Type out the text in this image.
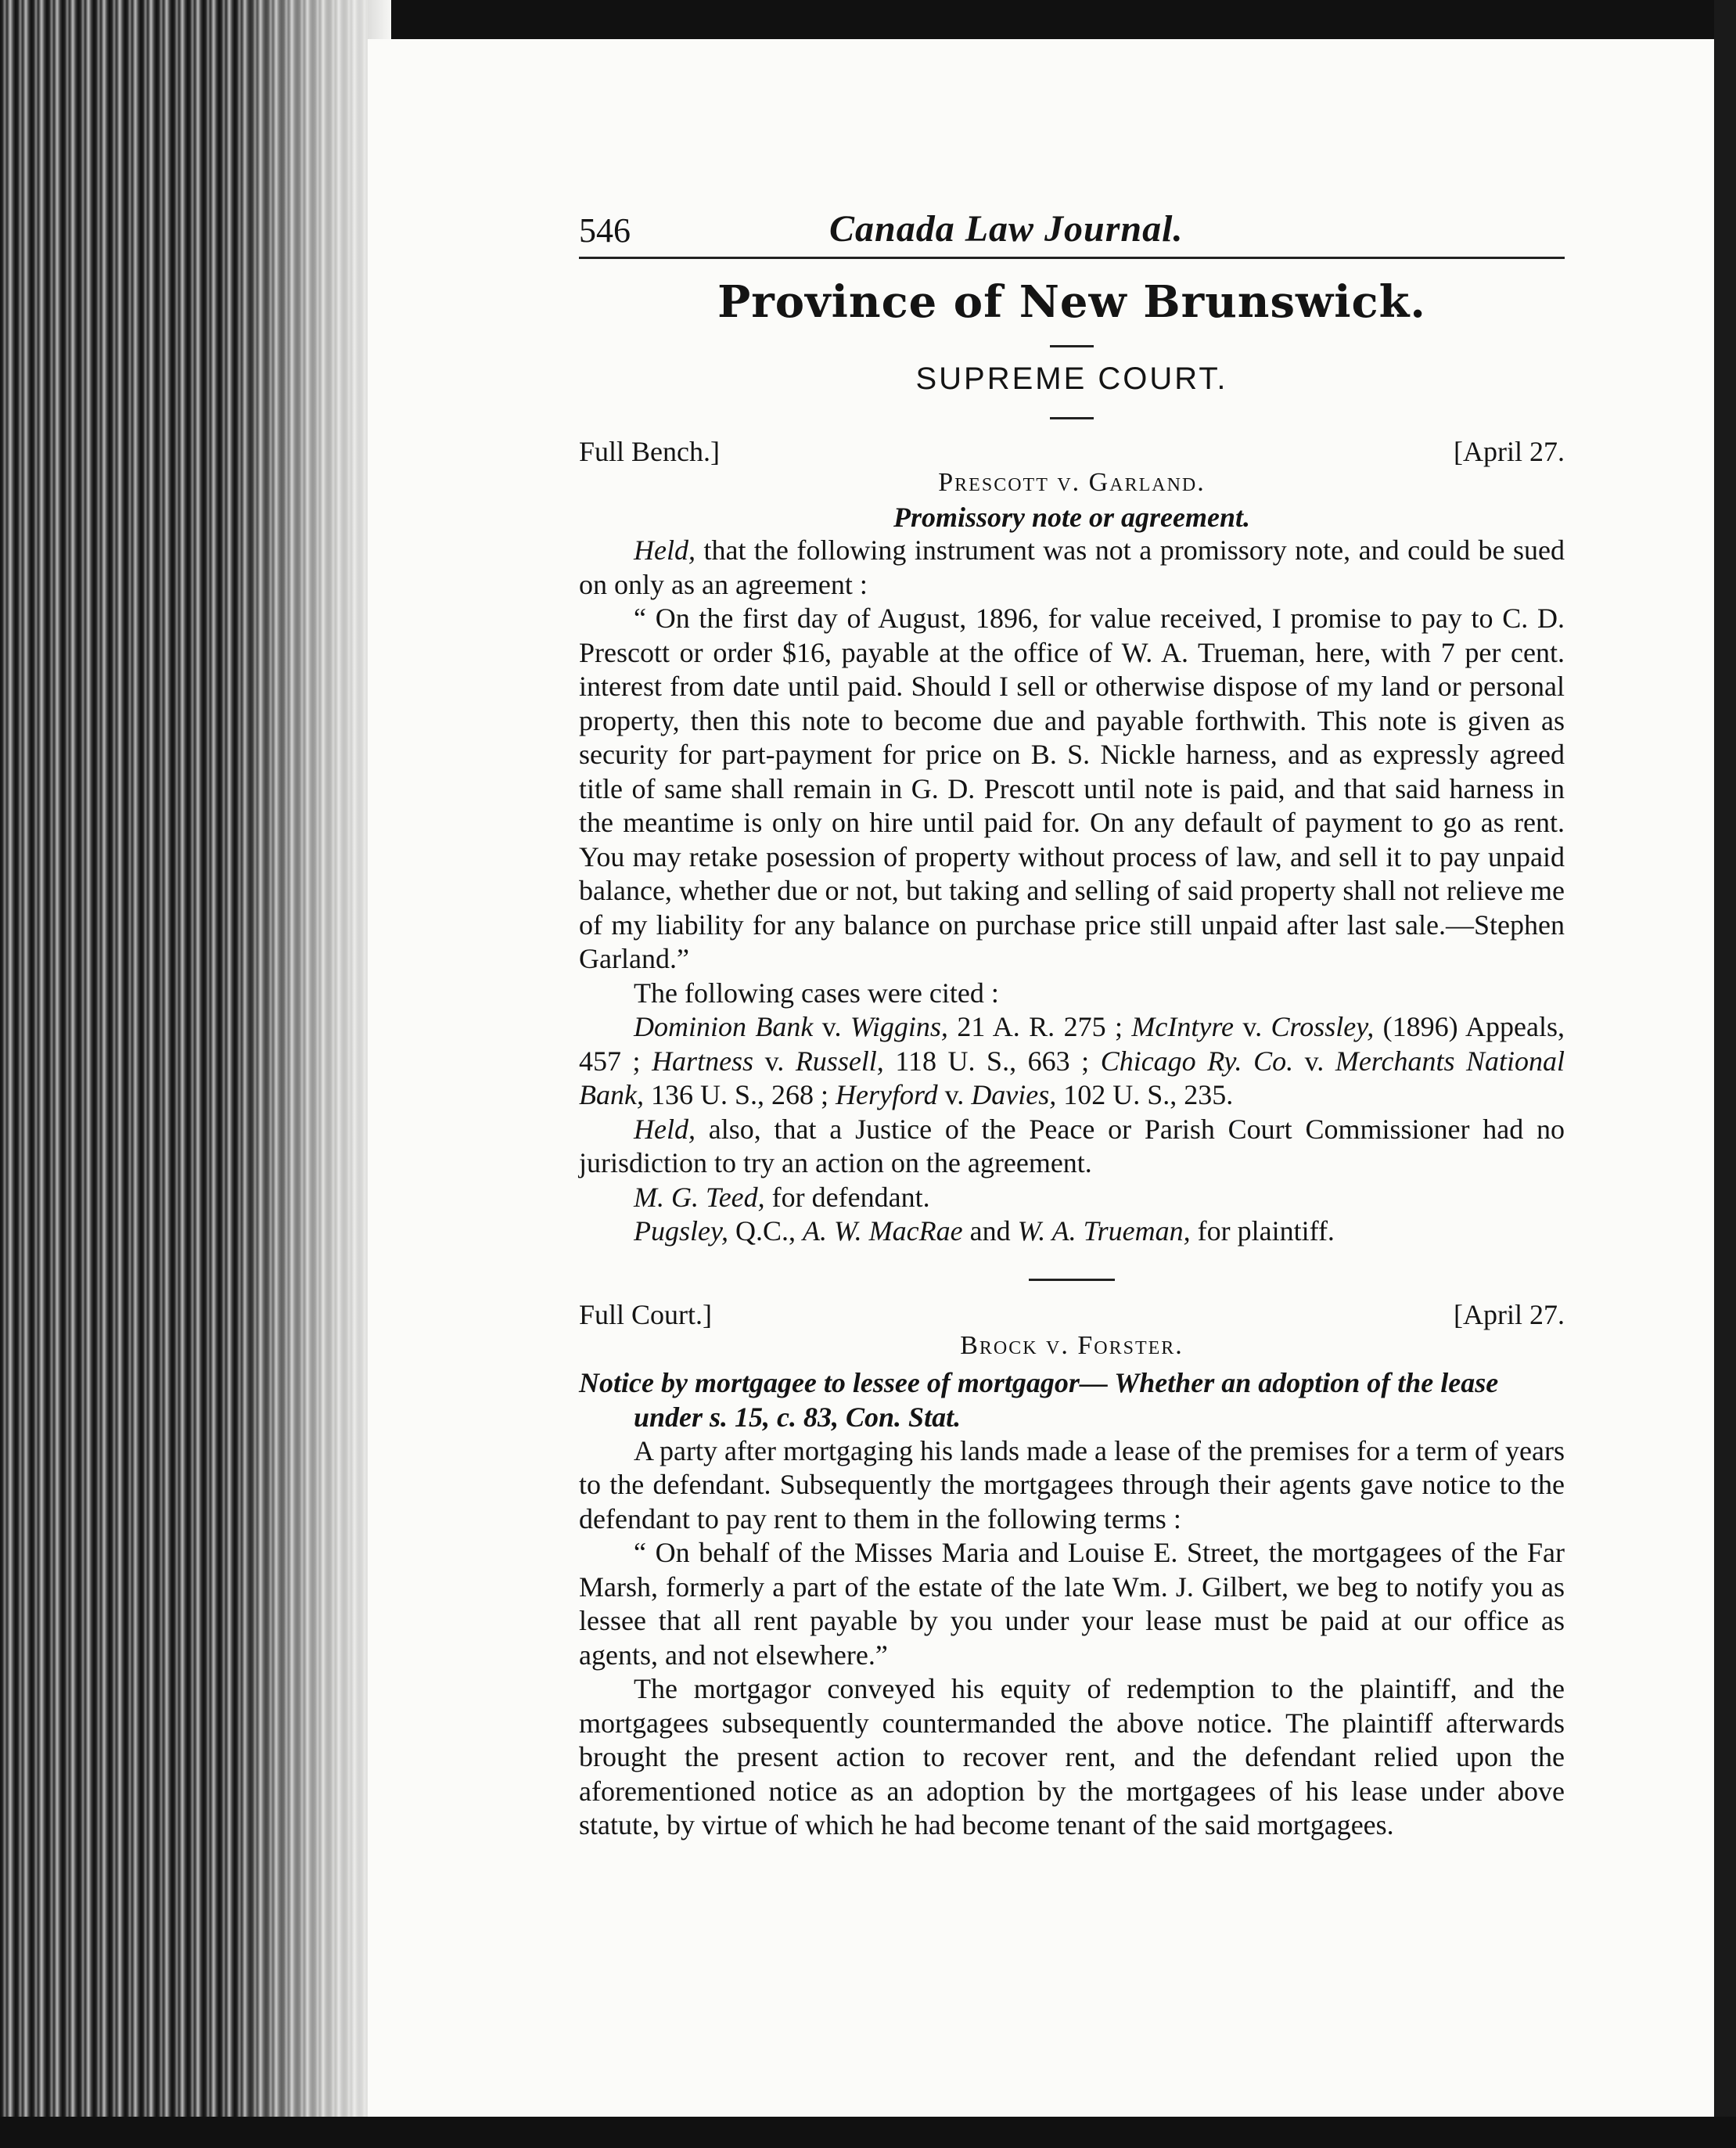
546	Canada Law Journal.
Province of New Brunswick.
SUPREME COURT.
Full Bench.]	[April 27.
Prescott v. Garland.
Promissory note or agreement.

Held, that the following instrument was not a promissory note, and could be sued on only as an agreement :

“ On the first day of August, 1896, for value received, I promise to pay to C. D. Prescott or order $16, payable at the office of W. A. Trueman, here, with 7 per cent. interest from date until paid. Should I sell or otherwise dispose of my land or personal property, then this note to become due and payable forthwith. This note is given as security for part-payment for price on B. S. Nickle harness, and as expressly agreed title of same shall remain in G. D. Prescott until note is paid, and that said harness in the meantime is only on hire until paid for. On any default of payment to go as rent. You may retake posession of property without process of law, and sell it to pay unpaid balance, whether due or not, but taking and selling of said property shall not relieve me of my liability for any balance on purchase price still unpaid after last sale.—Stephen Garland.”

The following cases were cited :

Dominion Bank v. Wiggins, 21 A. R. 275 ; McIntyre v. Crossley, (1896) Appeals, 457 ; Hartness v. Russell, 118 U. S., 663 ; Chicago Ry. Co. v. Merchants National Bank, 136 U. S., 268 ; Heryford v. Davies, 102 U. S., 235.

Held, also, that a Justice of the Peace or Parish Court Commissioner had no jurisdiction to try an action on the agreement.

M. G. Teed, for defendant.

Pugsley, Q.C., A. W. MacRae and W. A. Trueman, for plaintiff.

Full Court.]	[April 27.
Brock v. Forster.
Notice by mortgagee to lessee of mortgagor— Whether an adoption of the lease
under s. 15, c. 83, Con. Stat.

A party after mortgaging his lands made a lease of the premises for a term of years to the defendant. Subsequently the mortgagees through their agents gave notice to the defendant to pay rent to them in the following terms :

“ On behalf of the Misses Maria and Louise E. Street, the mortgagees of the Far Marsh, formerly a part of the estate of the late Wm. J. Gilbert, we beg to notify you as lessee that all rent payable by you under your lease must be paid at our office as agents, and not elsewhere.”

The mortgagor conveyed his equity of redemption to the plaintiff, and the mortgagees subsequently countermanded the above notice. The plaintiff afterwards brought the present action to recover rent, and the defendant relied upon the aforementioned notice as an adoption by the mortgagees of his lease under above statute, by virtue of which he had become tenant of the said mortgagees.
